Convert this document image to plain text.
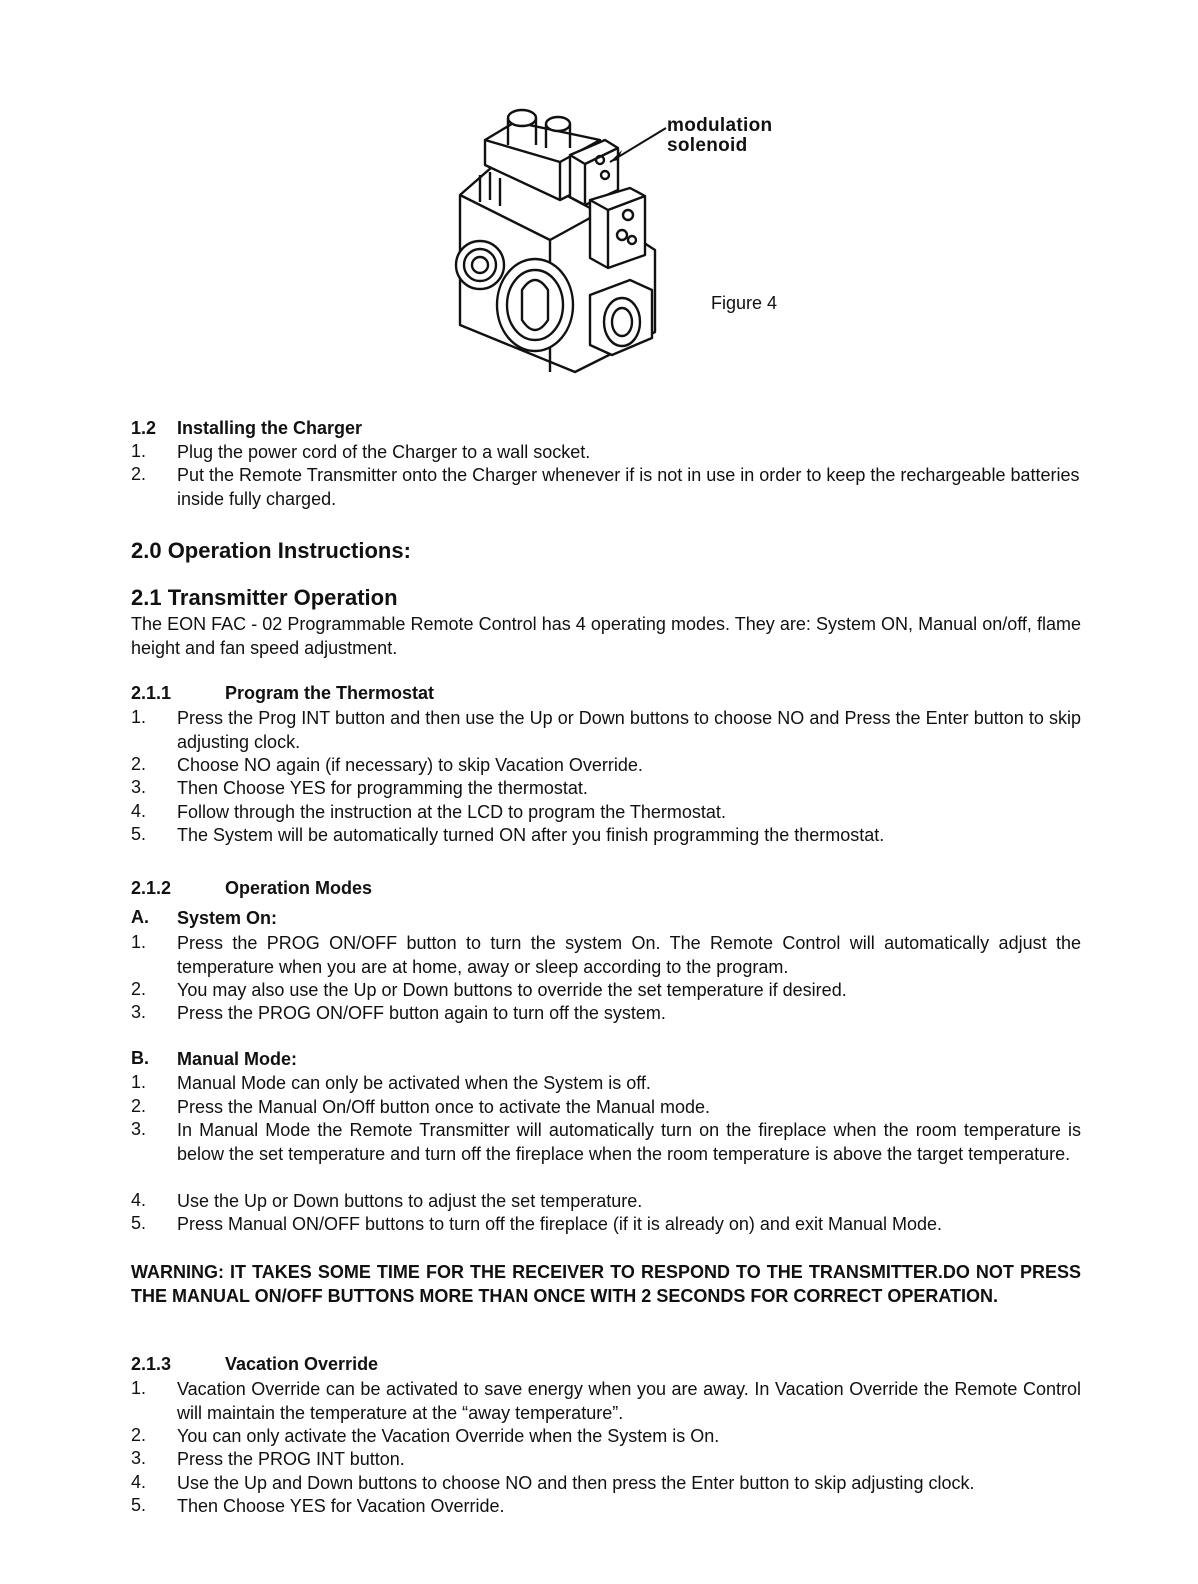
modulation
solenoid
Figure 4
1.2 Installing the Charger
1. Plug the power cord of the Charger to a wall socket.
2. Put the Remote Transmitter onto the Charger whenever if is not in use in order to keep the rechargeable batteries inside fully charged.
2.0 Operation Instructions:
2.1 Transmitter Operation
The EON FAC - 02 Programmable Remote Control has 4 operating modes. They are: System ON, Manual on/off, flame height and fan speed adjustment.
2.1.1	Program the Thermostat
1. Press the Prog INT button and then use the Up or Down buttons to choose NO and Press the Enter button to skip adjusting clock.
2. Choose NO again (if necessary) to skip Vacation Override.
3. Then Choose YES for programming the thermostat.
4. Follow through the instruction at the LCD to program the Thermostat.
5. The System will be automatically turned ON after you finish programming the thermostat.
2.1.2	Operation Modes
A. System On:
1. Press the PROG ON/OFF button to turn the system On. The Remote Control will automatically adjust the temperature when you are at home, away or sleep according to the program.
2. You may also use the Up or Down buttons to override the set temperature if desired.
3. Press the PROG ON/OFF button again to turn off the system.
B. Manual Mode:
1. Manual Mode can only be activated when the System is off.
2. Press the Manual On/Off button once to activate the Manual mode.
3. In Manual Mode the Remote Transmitter will automatically turn on the fireplace when the room temperature is below the set temperature and turn off the fireplace when the room temperature is above the target temperature.
4. Use the Up or Down buttons to adjust the set temperature.
5. Press Manual ON/OFF buttons to turn off the fireplace (if it is already on) and exit Manual Mode.
WARNING: IT TAKES SOME TIME FOR THE RECEIVER TO RESPOND TO THE TRANSMITTER.DO NOT PRESS THE MANUAL ON/OFF BUTTONS MORE THAN ONCE WITH 2 SECONDS FOR CORRECT OPERATION.
2.1.3	Vacation Override
1. Vacation Override can be activated to save energy when you are away. In Vacation Override the Remote Control will maintain the temperature at the “away temperature”.
2. You can only activate the Vacation Override when the System is On.
3. Press the PROG INT button.
4. Use the Up and Down buttons to choose NO and then press the Enter button to skip adjusting clock.
5. Then Choose YES for Vacation Override.
